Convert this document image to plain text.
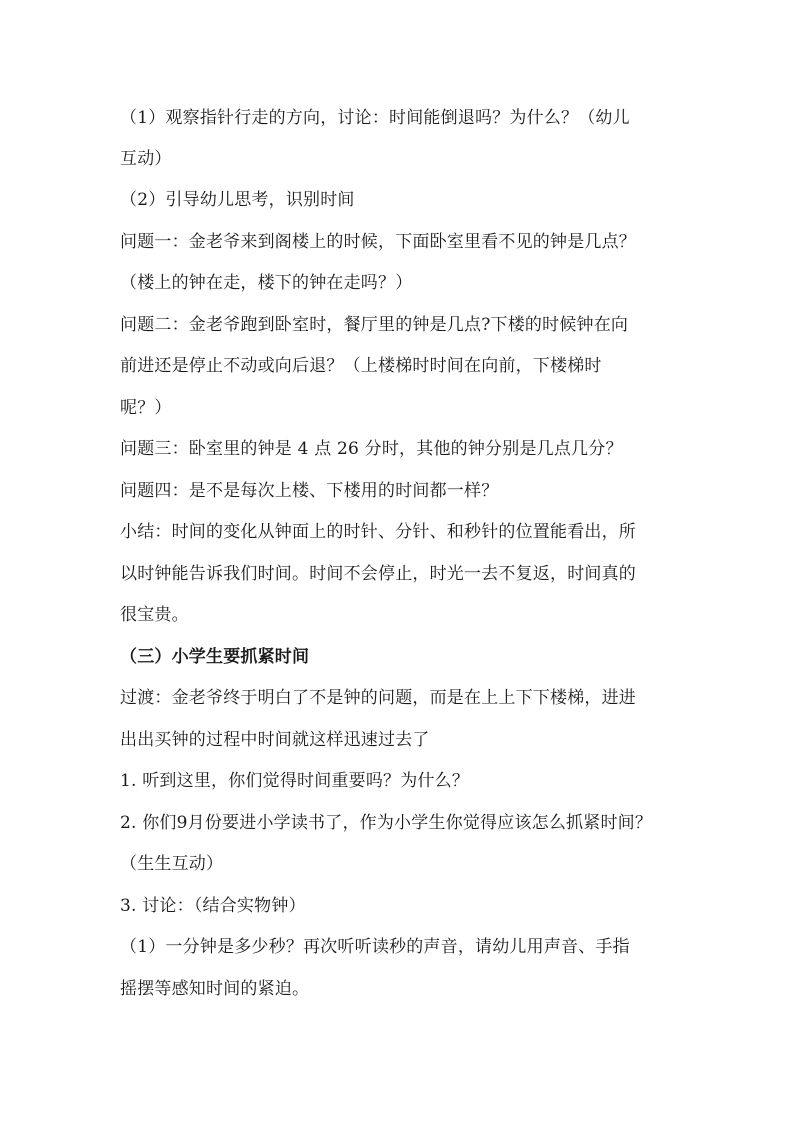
（1）观察指针行走的方向，讨论：时间能倒退吗？为什么？（幼儿
互动）
（2）引导幼儿思考，识别时间
问题一：金老爷来到阁楼上的时候，下面卧室里看不见的钟是几点？
（楼上的钟在走，楼下的钟在走吗？）
问题二：金老爷跑到卧室时，餐厅里的钟是几点?下楼的时候钟在向
前进还是停止不动或向后退？（上楼梯时时间在向前，下楼梯时
呢？）
问题三：卧室里的钟是 4 点 26 分时，其他的钟分别是几点几分？
问题四：是不是每次上楼、下楼用的时间都一样？
小结：时间的变化从钟面上的时针、分针、和秒针的位置能看出，所
以时钟能告诉我们时间。时间不会停止，时光一去不复返，时间真的
很宝贵。
（三）小学生要抓紧时间
过渡：金老爷终于明白了不是钟的问题，而是在上上下下楼梯，进进
出出买钟的过程中时间就这样迅速过去了
1. 听到这里，你们觉得时间重要吗？为什么？
2. 你们9月份要进小学读书了，作为小学生你觉得应该怎么抓紧时间？
（生生互动）
3. 讨论：（结合实物钟）
（1）一分钟是多少秒？再次听听读秒的声音，请幼儿用声音、手指
摇摆等感知时间的紧迫。
